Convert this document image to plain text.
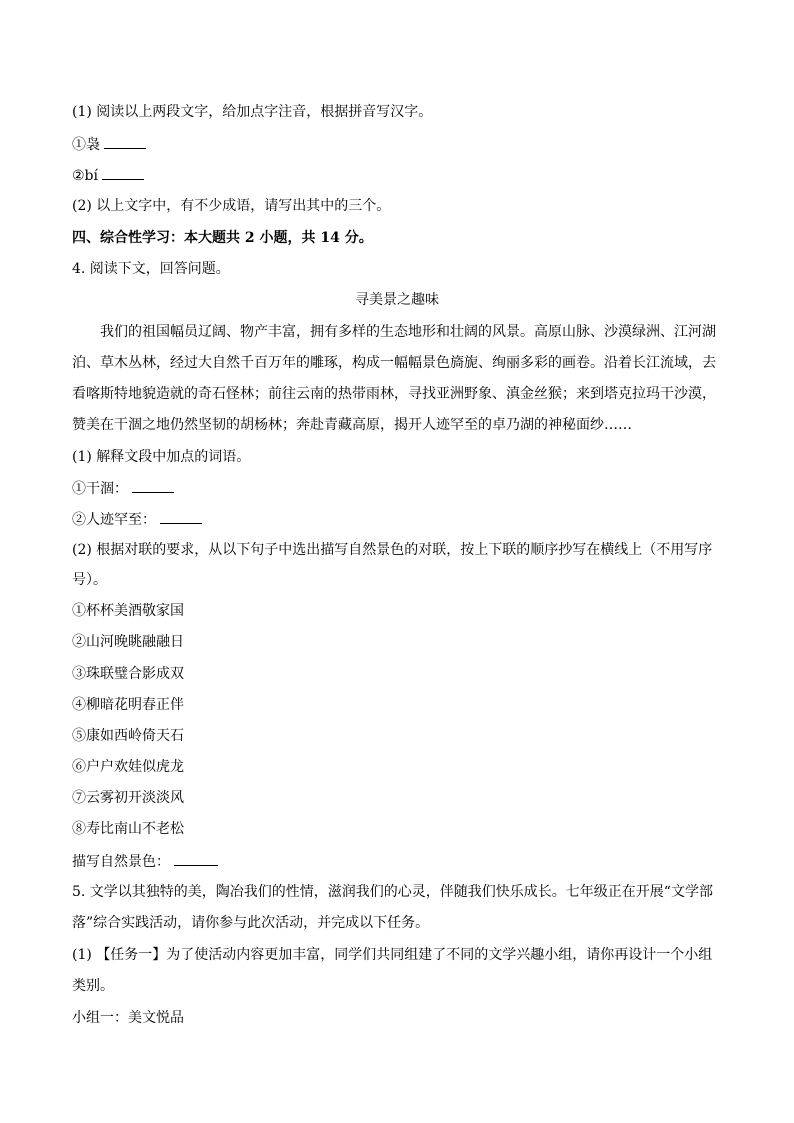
(1) 阅读以上两段文字，给加点字注音，根据拼音写汉字。
①袅
②bí
(2) 以上文字中，有不少成语，请写出其中的三个。
四、综合性学习：本大题共 2 小题，共 14 分。
4. 阅读下文，回答问题。
寻美景之趣味
我们的祖国幅员辽阔、物产丰富，拥有多样的生态地形和壮阔的风景。高原山脉、沙漠绿洲、江河湖
泊、草木丛林，经过大自然千百万年的雕琢，构成一幅幅景色旖旎、绚丽多彩的画卷。沿着长江流域，去
看喀斯特地貌造就的奇石怪林；前往云南的热带雨林，寻找亚洲野象、滇金丝猴；来到塔克拉玛干沙漠，
赞美在干涸之地仍然坚韧的胡杨林；奔赴青藏高原，揭开人迹罕至的卓乃湖的神秘面纱……
(1) 解释文段中加点的词语。
①干涸：
②人迹罕至：
(2) 根据对联的要求，从以下句子中选出描写自然景色的对联，按上下联的顺序抄写在横线上（不用写序
号）。
①杯杯美酒敬家国
②山河晚眺融融日
③珠联璧合影成双
④柳暗花明春正伴
⑤康如西岭倚天石
⑥户户欢娃似虎龙
⑦云雾初开淡淡风
⑧寿比南山不老松
描写自然景色：
5. 文学以其独特的美，陶冶我们的性情，滋润我们的心灵，伴随我们快乐成长。七年级正在开展“文学部
落”综合实践活动，请你参与此次活动，并完成以下任务。
(1) 【任务一】为了使活动内容更加丰富，同学们共同组建了不同的文学兴趣小组，请你再设计一个小组
类别。
小组一：美文悦品
